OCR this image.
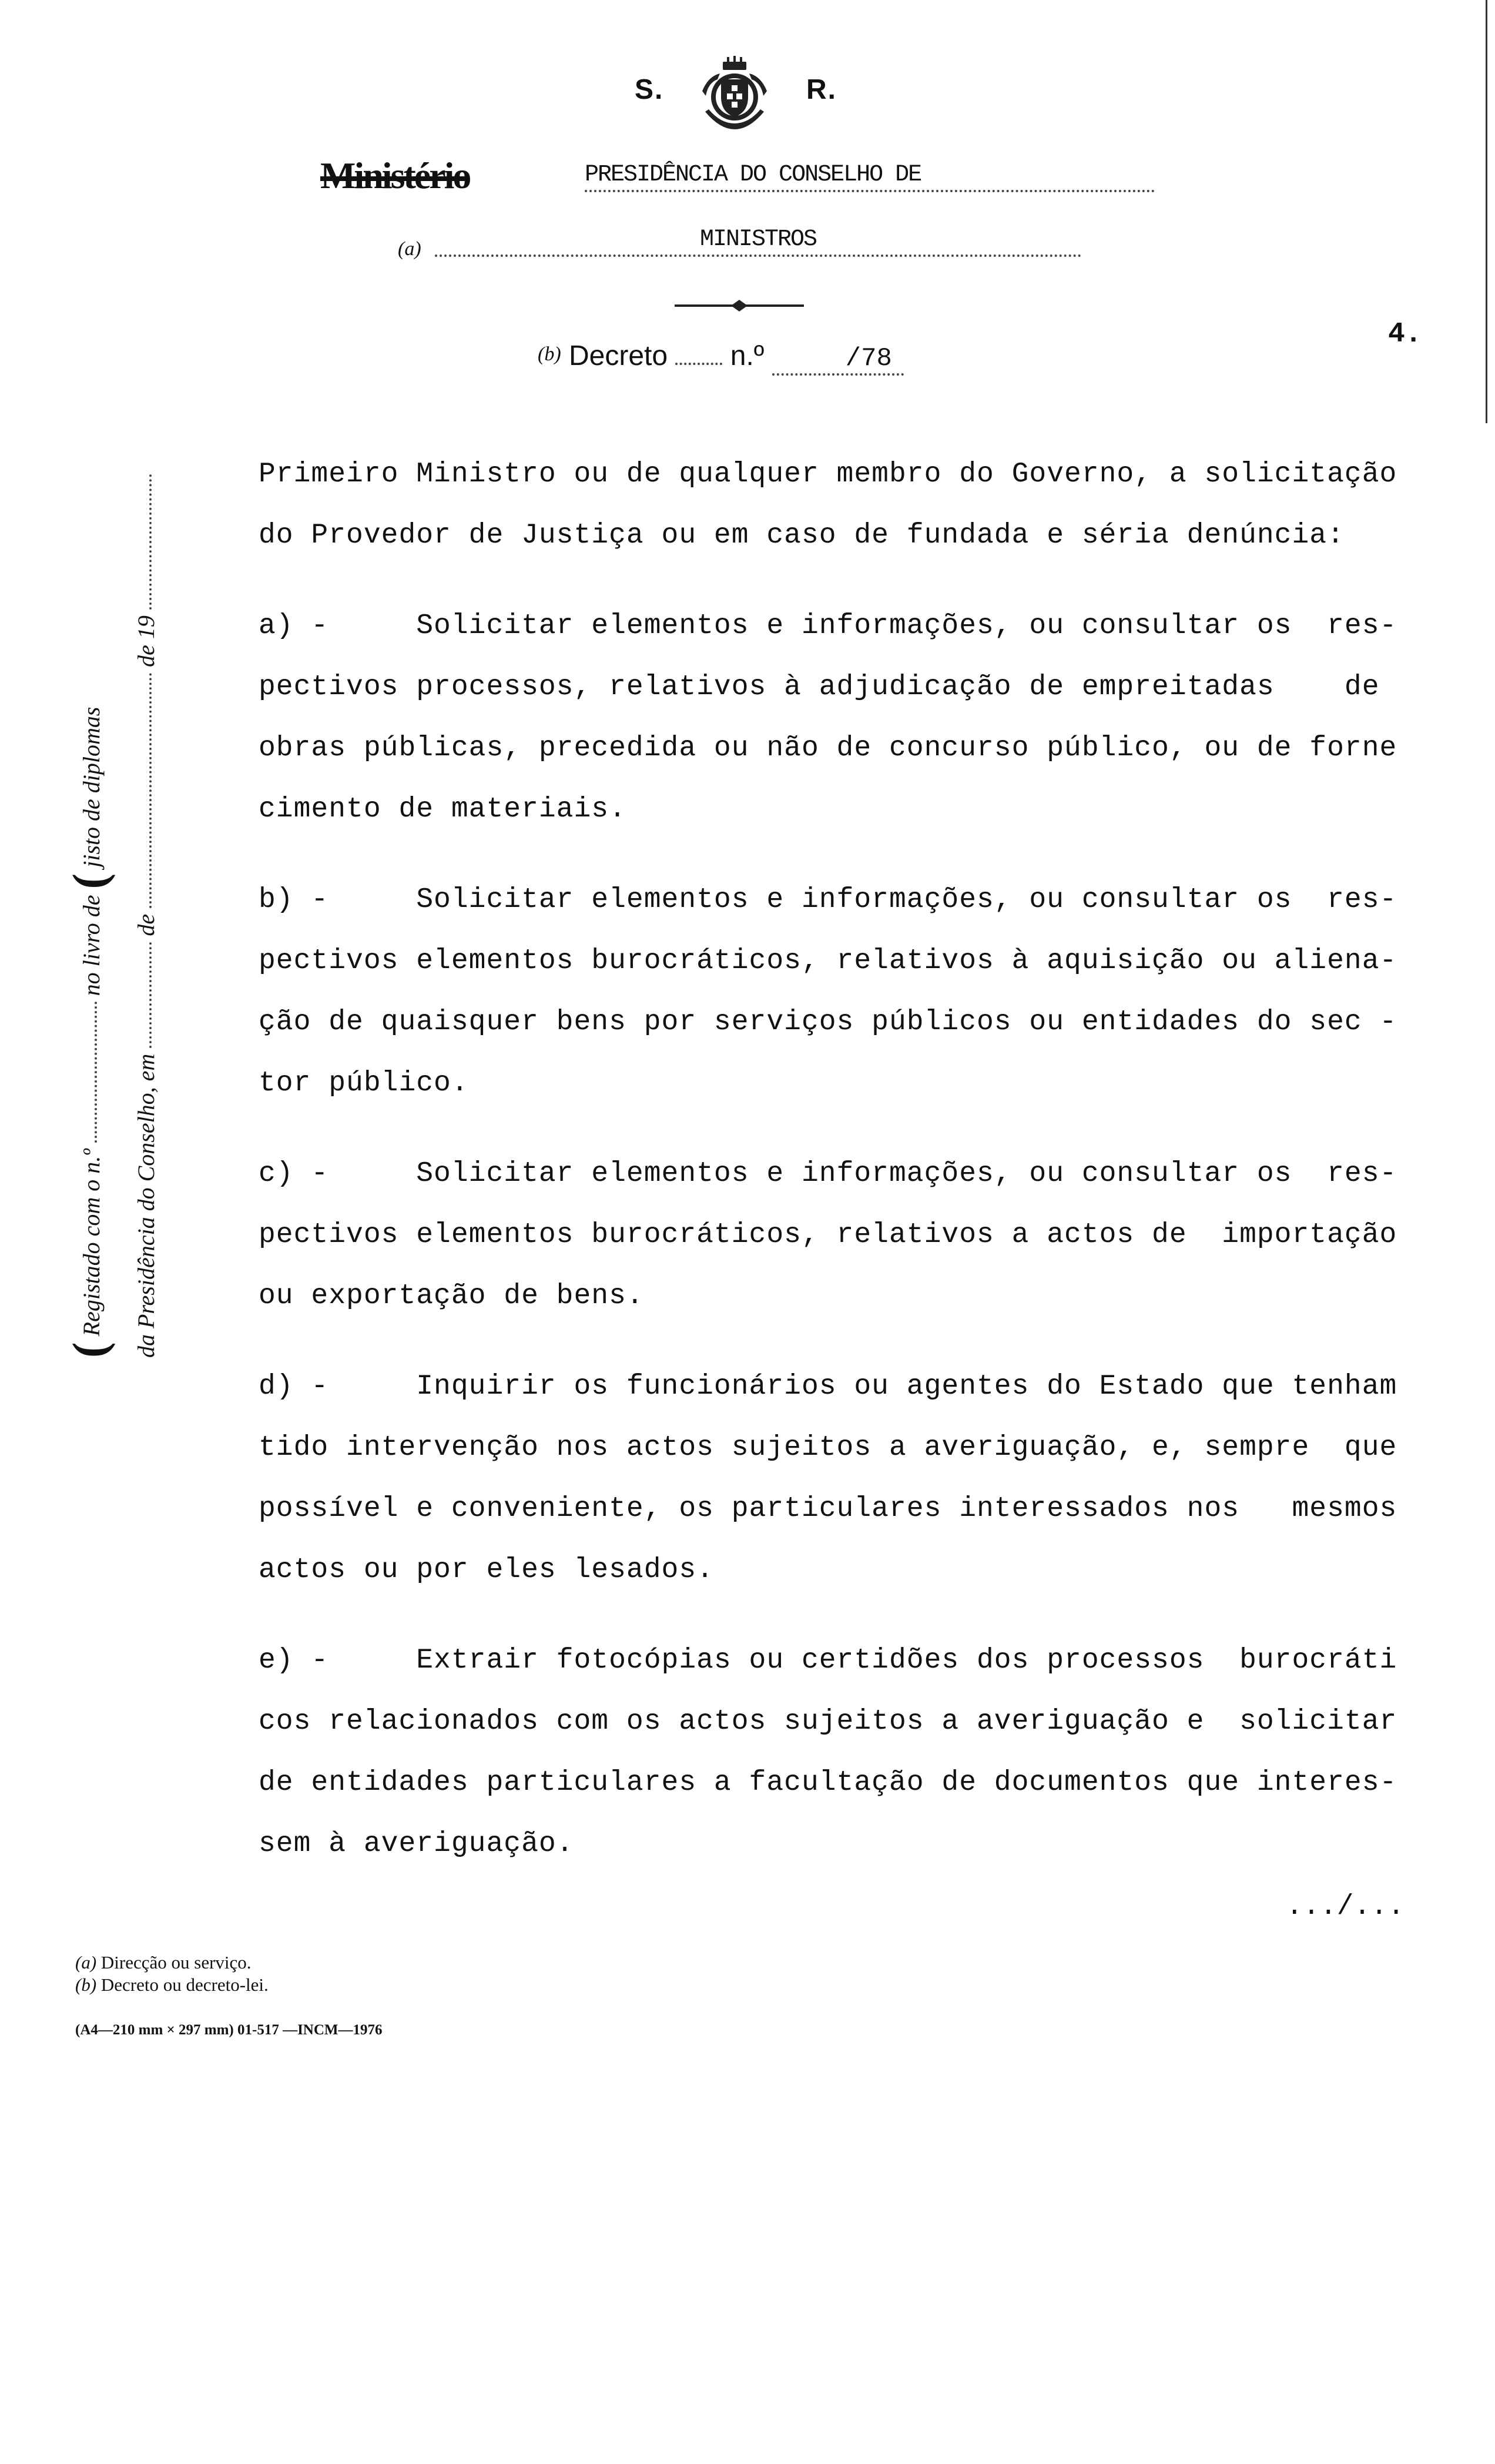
S.	R.
Ministério	PRESIDÊNCIA DO CONSELHO DE
(a)	MINISTROS
(b) Decreto n.º	/78
4.
( Registado com o n.º  no livro de ( jisto de diplomas
da Presidência do Conselho, em  de  de 19
Primeiro Ministro ou de qualquer membro do Governo, a solicitação
do Provedor de Justiça ou em caso de fundada e séria denúncia:
a) -     Solicitar elementos e informações, ou consultar os  res-
pectivos processos, relativos à adjudicação de empreitadas    de
obras públicas, precedida ou não de concurso público, ou de forne
cimento de materiais.
b) -     Solicitar elementos e informações, ou consultar os  res-
pectivos elementos burocráticos, relativos à aquisição ou aliena-
ção de quaisquer bens por serviços públicos ou entidades do sec -
tor público.
c) -     Solicitar elementos e informações, ou consultar os  res-
pectivos elementos burocráticos, relativos a actos de  importação
ou exportação de bens.
d) -     Inquirir os funcionários ou agentes do Estado que tenham
tido intervenção nos actos sujeitos a averiguação, e, sempre  que
possível e conveniente, os particulares interessados nos   mesmos
actos ou por eles lesados.
e) -     Extrair fotocópias ou certidões dos processos  burocráti
cos relacionados com os actos sujeitos a averiguação e  solicitar
de entidades particulares a facultação de documentos que interes-
sem à averiguação.
.../...
(a) Direcção ou serviço.
(b) Decreto ou decreto-lei.
(A4—210 mm × 297 mm) 01-517 —INCM—1976
